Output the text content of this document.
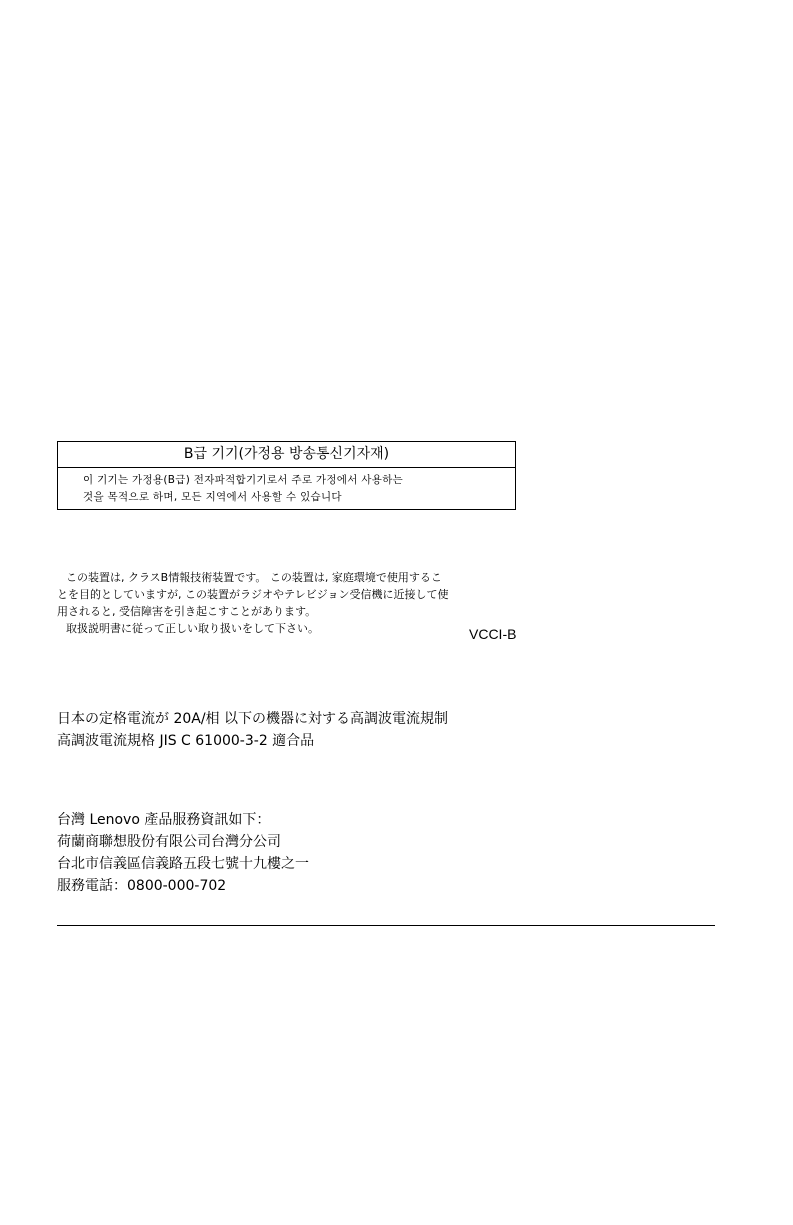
B급 기기(가정용 방송통신기자재)
이 기기는 가정용(B급) 전자파적합기기로서 주로 가정에서 사용하는
것을 목적으로 하며, 모든 지역에서 사용할 수 있습니다
この装置は, クラスB情報技術装置です。 この装置は, 家庭環境で使用するこ
とを目的としていますが, この装置がラジオやテレビジョン受信機に近接して使
用されると, 受信障害を引き起こすことがあります。
取扱説明書に従って正しい取り扱いをして下さい。	VCCI-B
日本の定格電流が 20A/相 以下の機器に対する高調波電流規制
高調波電流規格 JIS C 61000-3-2 適合品
台灣 Lenovo 產品服務資訊如下：
荷蘭商聯想股份有限公司台灣分公司
台北市信義區信義路五段七號十九樓之一
服務電話：0800-000-702
